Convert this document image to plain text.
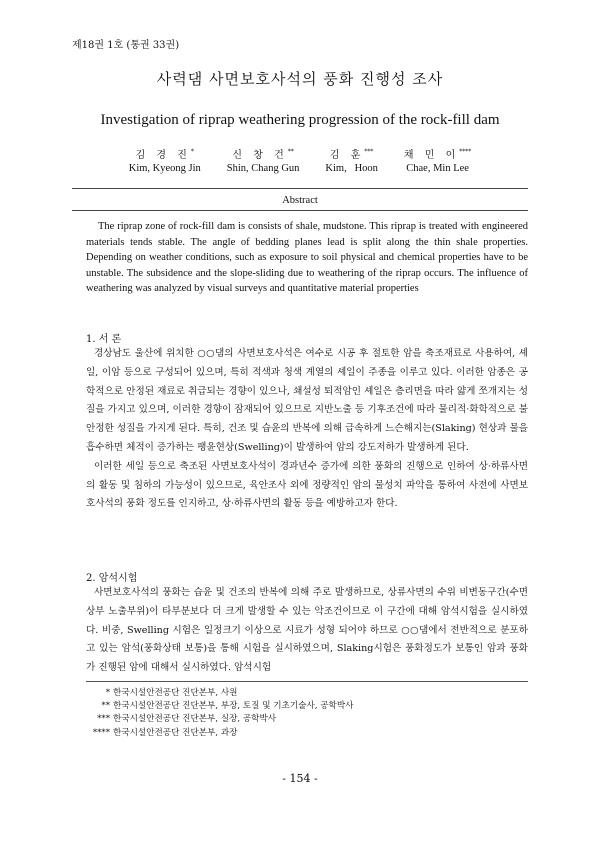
제18권 1호 (통권 33권)
사력댐 사면보호사석의 풍화 진행성 조사
Investigation of riprap weathering progression of the rock-fill dam
김 경 진*
Kim, Kyeong Jin
신 창 건**
Shin, Chang Gun
김 훈***
Kim,   Hoon
채 민 이****
Chae, Min Lee
Abstract
The riprap zone of rock-fill dam is consists of shale, mudstone. This riprap is treated with engineered materials tends stable. The angle of bedding planes lead is split along the thin shale properties. Depending on weather conditions, such as exposure to soil physical and chemical properties have to be unstable. The subsidence and the slope-sliding due to weathering of the riprap occurs. The influence of weathering was analyzed by visual surveys and quantitative material properties
1. 서 론

경상남도 울산에 위치한 ○○댐의 사면보호사석은 여수로 시공 후 절토한 암을 축조재료로 사용하여, 셰일, 이암 등으로 구성되어 있으며, 특히 적색과 청색 계열의 셰일이 주종을 이루고 있다. 이러한 암종은 공학적으로 안정된 재료로 취급되는 경향이 있으나, 쇄설성 퇴적암인 셰일은 층리면을 따라 얇게 쪼개지는 성질을 가지고 있으며, 이러한 경향이 잠재되어 있으므로 지반노출 등 기후조건에 따라 물리적·화학적으로 불안정한 성질을 가지게 된다. 특히, 건조 및 습윤의 반복에 의해 급속하게 느슨해지는(Slaking) 현상과 물을 흡수하면 체적이 증가하는 팽윤현상(Swelling)이 발생하여 암의 강도저하가 발생하게 된다.

이러한 세일 등으로 축조된 사면보호사석이 경과년수 증가에 의한 풍화의 진행으로 인하여 상·하류사면의 활동 및 침하의 가능성이 있으므로, 육안조사 외에 정량적인 암의 물성치 파악을 통하여 사전에 사면보호사석의 풍화 정도를 인지하고, 상·하류사면의 활동 등을 예방하고자 한다.

2. 암석시험

사면보호사석의 풍화는 습윤 및 건조의 반복에 의해 주로 발생하므로, 상류사면의 수위 비변동구간(수면 상부 노출부위)이 타부분보다 더 크게 발생할 수 있는 악조건이므로 이 구간에 대해 암석시험을 실시하였다. 비중, Swelling 시험은 일정크기 이상으로 시료가 성형 되어야 하므로 ○○댐에서 전반적으로 분포하고 있는 암석(풍화상태 보통)을 통해 시험을 실시하였으며, Slaking시험은 풍화정도가 보통인 암과 풍화가 진행된 암에 대해서 실시하였다. 암석시험

* 한국시설안전공단 진단본부, 사원
** 한국시설안전공단 진단본부, 부장, 토질 및 기초기술사, 공학박사
*** 한국시설안전공단 진단본부, 실장, 공학박사
**** 한국시설안전공단 진단본부, 과장
- 154 -
